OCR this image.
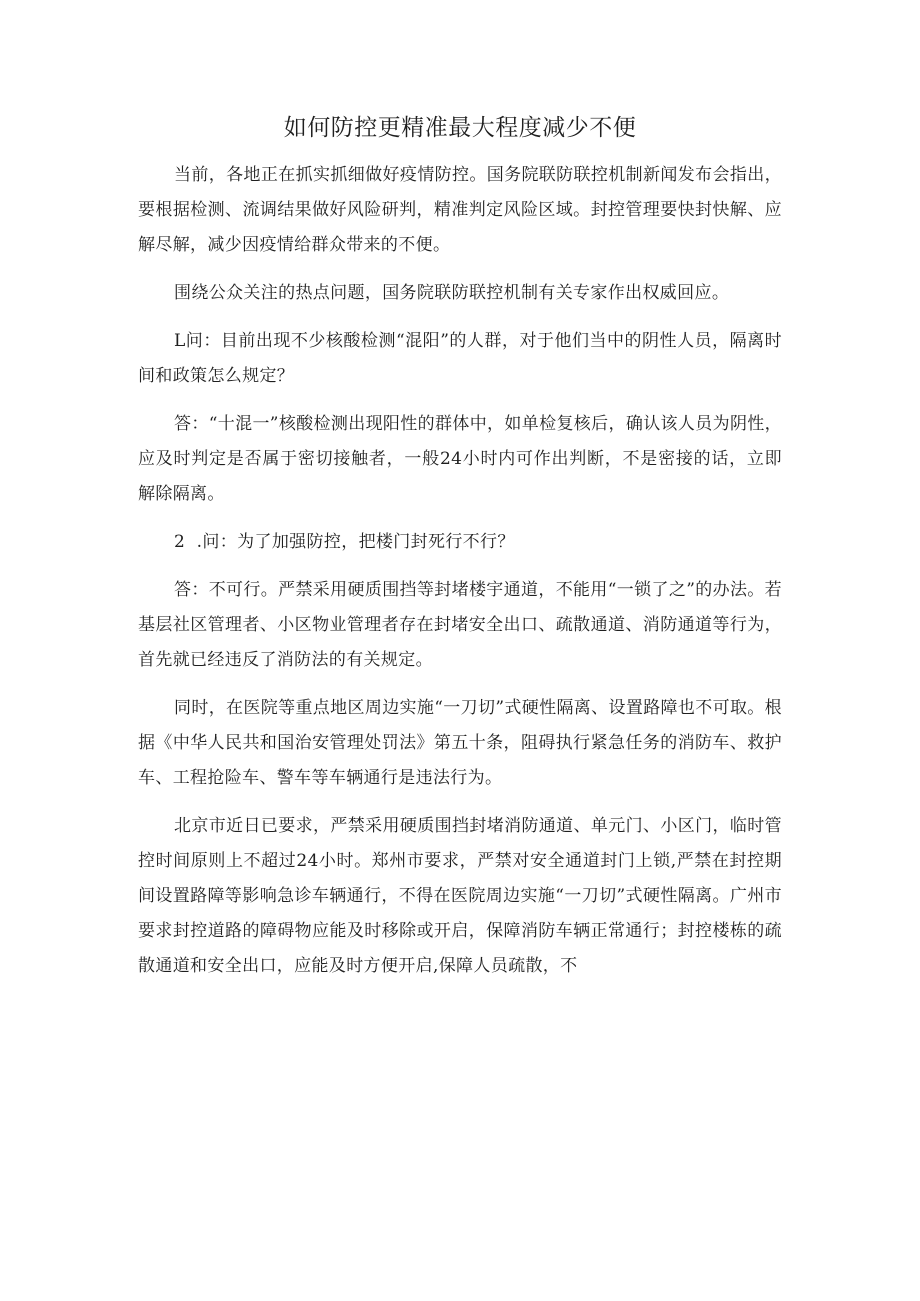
如何防控更精准最大程度减少不便

当前，各地正在抓实抓细做好疫情防控。国务院联防联控机制新闻发布会指出，要根据检测、流调结果做好风险研判，精准判定风险区域。封控管理要快封快解、应解尽解，减少因疫情给群众带来的不便。

围绕公众关注的热点问题，国务院联防联控机制有关专家作出权威回应。

L问：目前出现不少核酸检测“混阳”的人群，对于他们当中的阴性人员，隔离时间和政策怎么规定？

答：“十混一”核酸检测出现阳性的群体中，如单检复核后，确认该人员为阴性，应及时判定是否属于密切接触者，一般24小时内可作出判断，不是密接的话，立即解除隔离。

2  .问：为了加强防控，把楼门封死行不行？

答：不可行。严禁采用硬质围挡等封堵楼宇通道，不能用“一锁了之”的办法。若基层社区管理者、小区物业管理者存在封堵安全出口、疏散通道、消防通道等行为，首先就已经违反了消防法的有关规定。

同时，在医院等重点地区周边实施“一刀切”式硬性隔离、设置路障也不可取。根据《中华人民共和国治安管理处罚法》第五十条，阻碍执行紧急任务的消防车、救护车、工程抢险车、警车等车辆通行是违法行为。

北京市近日已要求，严禁采用硬质围挡封堵消防通道、单元门、小区门，临时管控时间原则上不超过24小时。郑州市要求，严禁对安全通道封门上锁,严禁在封控期间设置路障等影响急诊车辆通行，不得在医院周边实施“一刀切”式硬性隔离。广州市要求封控道路的障碍物应能及时移除或开启，保障消防车辆正常通行；封控楼栋的疏散通道和安全出口，应能及时方便开启,保障人员疏散，不
